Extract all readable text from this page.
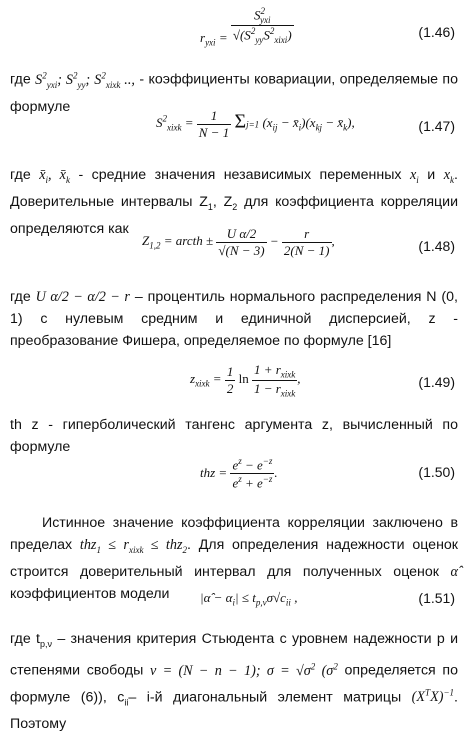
$r_{yxi} = \frac{S^2_{yxi}}{√(S^2_{yy}S^2_{xixi})}$	(1.46)

где $S^2_{yxi}$; $S^2_{yy}$; $S^2_{xixk}$ .., - коэффициенты ковариации, определяемые по формуле

$S^2_{xixk} = \frac{1}{N - 1} \Sigma j=1$ ($x_{ij}$ − $x̄_i)(x_{kj}$ − $x̄_k$),	(1.47)

где $x̄_i$, $x̄_k$ - средние значения независимых переменных $x_i$ и $x_k$. Доверительные интервалы $Z_1$, $Z_2$ для коэффициента корреляции определяются как

$Z_{1,2}$ = arcth ± $\frac{\text{U α/2}}{√(N - 3)} - \frac{r}{2(N - 1)}$ ,	(1.48)

где U α/2 − α/2 − r – процентиль нормального распределения N (0, 1) с нулевым средним и единичной дисперсией, z - преобразование Фишера, определяемое по формуле [16]

$z_{xixk} = \frac{1}{2}$ $\ln \frac{1 + r_{xixk}}{1 - r_{xixk}}$ ,	(1.49)

th z - гиперболический тангенс аргумента z, вычисленный по формуле

thz = $\frac{e^z - e^{-z}}{e^z + e^{-z}}$ .	(1.50)

Истинное значение коэффициента корреляции заключено в пределах $thz_1 \le r_{xixk} \le thz_2$. Для определения надежности оценок строится доверительный интервал для полученных оценок α̂ коэффициентов модели	|α̂ − $\alpha_i| \le t_{p,\nu}\sigma√c_{ii}$ ,	(1.51)

где $t_{p,\nu}$ – значения критерия Стьюдента с уровнем надежности p и степенями свободы ν = (N − n − 1); $\sigma = √\sigma^2$ ($\sigma^2$ определяется по формуле (6)), $c_{ii}-$ i-й диагональный элемент матрицы $(X^TX)^{-1}$. Поэтому
